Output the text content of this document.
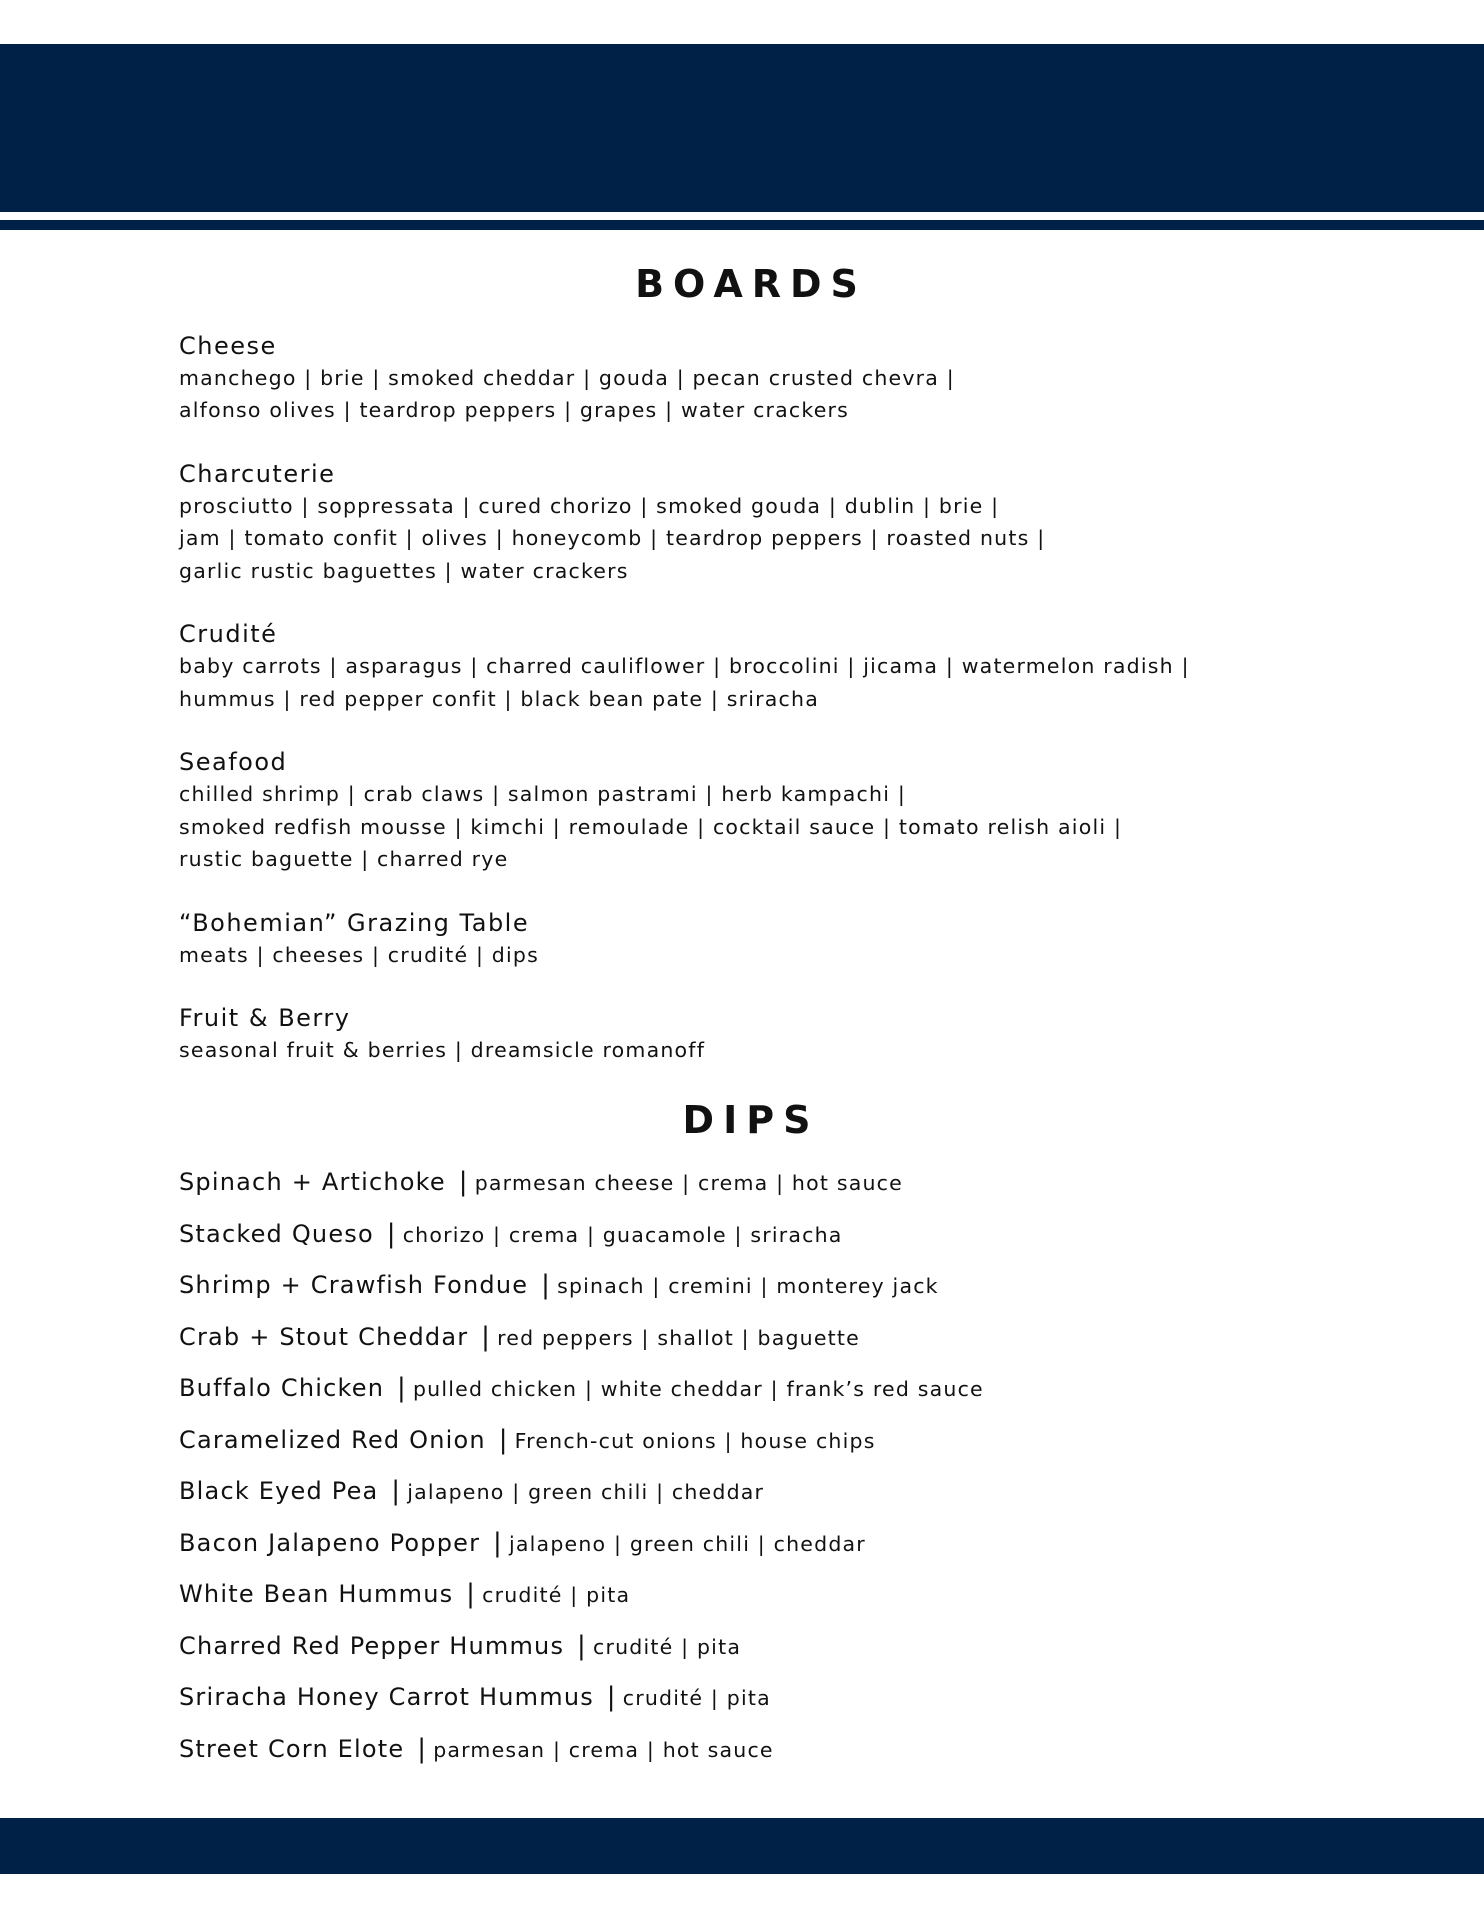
BOARDS

Cheese

manchego | brie | smoked cheddar | gouda | pecan crusted chevra |

alfonso olives | teardrop peppers | grapes | water crackers

Charcuterie

prosciutto | soppressata | cured chorizo | smoked gouda | dublin | brie |

jam | tomato confit | olives | honeycomb | teardrop peppers | roasted nuts |

garlic rustic baguettes | water crackers

Crudité

baby carrots | asparagus | charred cauliflower | broccolini | jicama | watermelon radish |

hummus | red pepper confit | black bean pate | sriracha

Seafood

chilled shrimp | crab claws | salmon pastrami | herb kampachi |

smoked redfish mousse | kimchi | remoulade | cocktail sauce | tomato relish aioli |

rustic baguette | charred rye

“Bohemian” Grazing Table

meats | cheeses | crudité | dips

Fruit & Berry

seasonal fruit & berries | dreamsicle romanoff

DIPS

Spinach + Artichoke | parmesan cheese | crema | hot sauce

Stacked Queso | chorizo | crema | guacamole | sriracha

Shrimp + Crawfish Fondue | spinach | cremini | monterey jack

Crab + Stout Cheddar | red peppers | shallot | baguette

Buffalo Chicken | pulled chicken | white cheddar | frank’s red sauce

Caramelized Red Onion | French-cut onions | house chips

Black Eyed Pea | jalapeno | green chili | cheddar

Bacon Jalapeno Popper | jalapeno | green chili | cheddar

White Bean Hummus | crudité | pita

Charred Red Pepper Hummus | crudité | pita

Sriracha Honey Carrot Hummus | crudité | pita

Street Corn Elote | parmesan | crema | hot sauce
